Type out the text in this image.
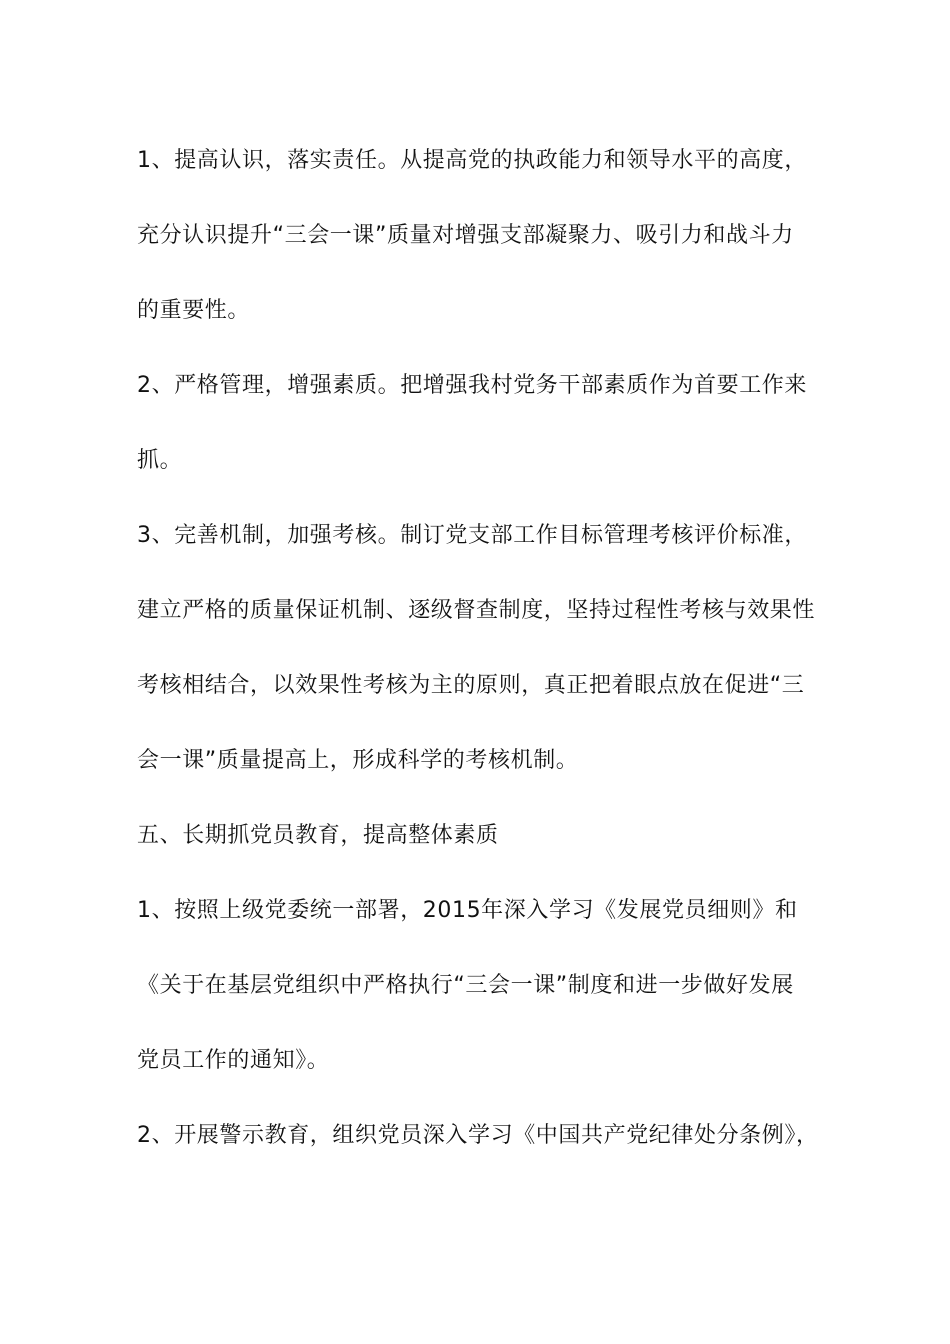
1、提高认识，落实责任。从提高党的执政能力和领导水平的高度，
充分认识提升“三会一课”质量对增强支部凝聚力、吸引力和战斗力
的重要性。
2、严格管理，增强素质。把增强我村党务干部素质作为首要工作来
抓。
3、完善机制，加强考核。制订党支部工作目标管理考核评价标准，
建立严格的质量保证机制、逐级督查制度，坚持过程性考核与效果性
考核相结合，以效果性考核为主的原则，真正把着眼点放在促进“三
会一课”质量提高上，形成科学的考核机制。
五、长期抓党员教育，提高整体素质
1、按照上级党委统一部署，2015年深入学习《发展党员细则》和
《关于在基层党组织中严格执行“三会一课”制度和进一步做好发展
党员工作的通知》。
2、开展警示教育，组织党员深入学习《中国共产党纪律处分条例》，
